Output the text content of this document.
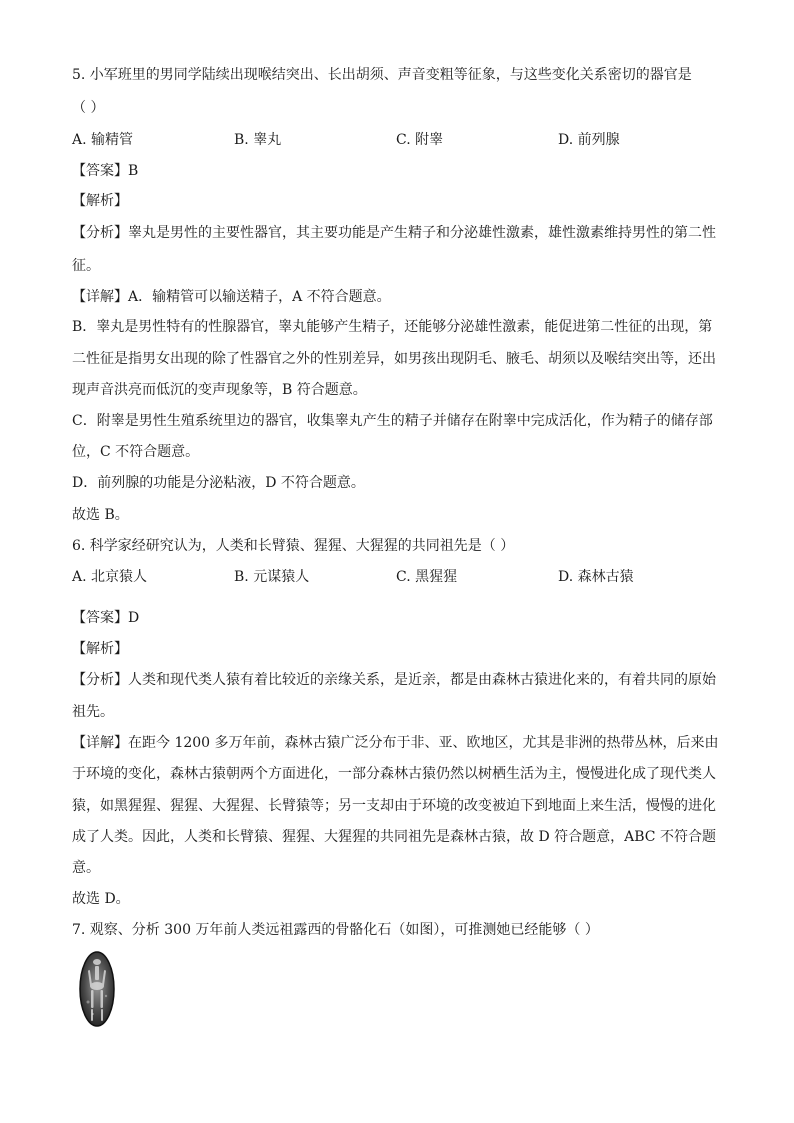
5. 小军班里的男同学陆续出现喉结突出、长出胡须、声音变粗等征象，与这些变化关系密切的器官是
（ ）
A. 输精管	B. 睾丸	C. 附睾	D. 前列腺
【答案】B
【解析】
【分析】睾丸是男性的主要性器官，其主要功能是产生精子和分泌雄性激素，雄性激素维持男性的第二性
征。
【详解】A．输精管可以输送精子，A 不符合题意。
B．睾丸是男性特有的性腺器官，睾丸能够产生精子，还能够分泌雄性激素，能促进第二性征的出现，第
二性征是指男女出现的除了性器官之外的性别差异，如男孩出现阴毛、腋毛、胡须以及喉结突出等，还出
现声音洪亮而低沉的变声现象等，B 符合题意。
C．附睾是男性生殖系统里边的器官，收集睾丸产生的精子并储存在附睾中完成活化，作为精子的储存部
位，C 不符合题意。
D．前列腺的功能是分泌粘液，D 不符合题意。
故选 B。
6. 科学家经研究认为，人类和长臂猿、猩猩、大猩猩的共同祖先是（ ）
A. 北京猿人	B. 元谋猿人	C. 黑猩猩	D. 森林古猿
【答案】D
【解析】
【分析】人类和现代类人猿有着比较近的亲缘关系，是近亲，都是由森林古猿进化来的，有着共同的原始
祖先。
【详解】在距今 1200 多万年前，森林古猿广泛分布于非、亚、欧地区，尤其是非洲的热带丛林，后来由
于环境的变化，森林古猿朝两个方面进化，一部分森林古猿仍然以树栖生活为主，慢慢进化成了现代类人
猿，如黑猩猩、猩猩、大猩猩、长臂猿等；另一支却由于环境的改变被迫下到地面上来生活，慢慢的进化
成了人类。因此，人类和长臂猿、猩猩、大猩猩的共同祖先是森林古猿，故 D 符合题意，ABC 不符合题
意。
故选 D。
7. 观察、分析 300 万年前人类远祖露西的骨骼化石（如图），可推测她已经能够（ ）
